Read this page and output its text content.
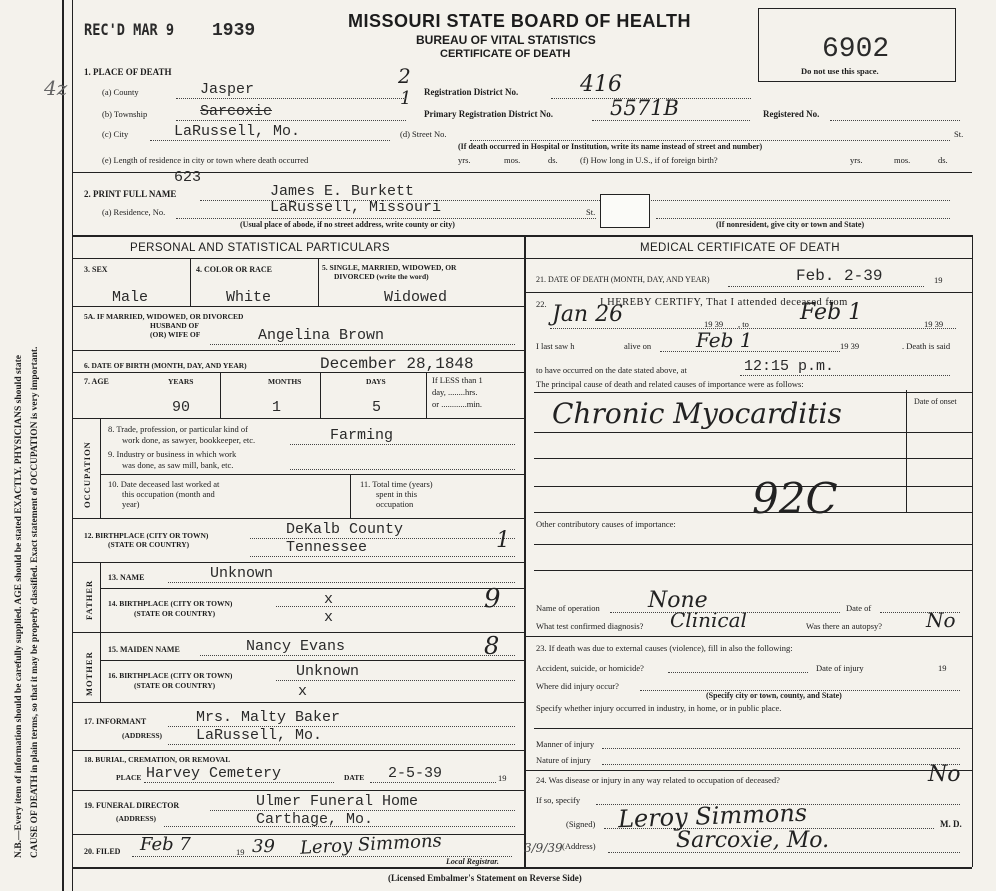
N.B.—Every item of information should be carefully supplied. AGE should be stated EXACTLY. PHYSICIANS should state CAUSE OF DEATH in plain terms, so that it may be properly classified. Exact statement of OCCUPATION is very important.
4z
REC'D MAR 9 1939	MISSOURI STATE BOARD OF HEALTH
BUREAU OF VITAL STATISTICS
CERTIFICATE OF DEATH	6902
Do not use this space.
1. PLACE OF DEATH	2
1
(a) County	Jasper	Registration District No.	416
(b) Township	Sarcoxie	Primary Registration District No.	5571B	Registered No.
(c) City	LaRussell, Mo.	(d) Street No.	St.
(If death occurred in Hospital or Institution, write its name instead of street and number)
(e) Length of residence in city or town where death occurred	yrs.	mos.	ds.	(f) How long in U.S., if of foreign birth?	yrs.	mos.	ds.
623
2. PRINT FULL NAME	James E. Burkett
(a) Residence, No.	LaRussell, Missouri	St.
(Usual place of abode, if no street address, write county or city)	(If nonresident, give city or town and State)
PERSONAL AND STATISTICAL PARTICULARS	MEDICAL CERTIFICATE OF DEATH
3. SEX	4. COLOR OR RACE	5. SINGLE, MARRIED, WIDOWED, OR
DIVORCED (write the word)
Male	White	Widowed
5A. IF MARRIED, WIDOWED, OR DIVORCED
HUSBAND OF
(OR) WIFE OF	Angelina Brown
6. DATE OF BIRTH (MONTH, DAY, AND YEAR)	December 28,1848
7. AGE	YEARS	MONTHS	DAYS	If LESS than 1
day, ........hrs.
or ............min.
90	1	5
OCCUPATION
8. Trade, profession, or particular kind of
work done, as sawyer, bookkeeper, etc.	Farming
9. Industry or business in which work
was done, as saw mill, bank, etc.
10. Date deceased last worked at
this occupation (month and
year)
11. Total time (years)
spent in this
occupation
12. BIRTHPLACE (CITY OR TOWN)
(STATE OR COUNTRY)
DeKalb County
Tennessee	1
FATHER
13. NAME	Unknown
14. BIRTHPLACE (CITY OR TOWN)
(STATE OR COUNTRY)
x
x
9
MOTHER
15. MAIDEN NAME	Nancy Evans	8
16. BIRTHPLACE (CITY OR TOWN)
(STATE OR COUNTRY)
Unknown
x
17. INFORMANT	Mrs. Malty Baker
(ADDRESS) LaRussell, Mo.
18. BURIAL, CREMATION, OR REMOVAL
PLACE Harvey Cemetery	DATE 2-5-39	19
19. FUNERAL DIRECTOR	Ulmer Funeral Home
(ADDRESS)	Carthage, Mo.
20. FILED Feb 7	19 39 Leroy Simmons
Local Registrar.
21. DATE OF DEATH (MONTH, DAY, AND YEAR)	Feb. 2-39	19
22.	I HEREBY CERTIFY, That I attended deceased from
Jan 26	19 39 , to Feb 1	19 39
I last saw h	alive on Feb 1	19 39	. Death is said
to have occurred on the date stated above, at	12:15 p.m.
The principal cause of death and related causes of importance were as follows:
Date of onset
Chronic Myocarditis
92C
Other contributory causes of importance:
Name of operation None	Date of
What test confirmed diagnosis? Clinical	Was there an autopsy? No
23. If death was due to external causes (violence), fill in also the following:
Accident, suicide, or homicide?	Date of injury	19
Where did injury occur?
(Specify city or town, county, and State)
Specify whether injury occurred in industry, in home, or in public place.
Manner of injury
Nature of injury
24. Was disease or injury in any way related to occupation of deceased?	No
If so, specify
(Signed) Leroy Simmons	M. D.
(Address)	Sarcoxie, Mo.
3/9/39
(Licensed Embalmer's Statement on Reverse Side)
